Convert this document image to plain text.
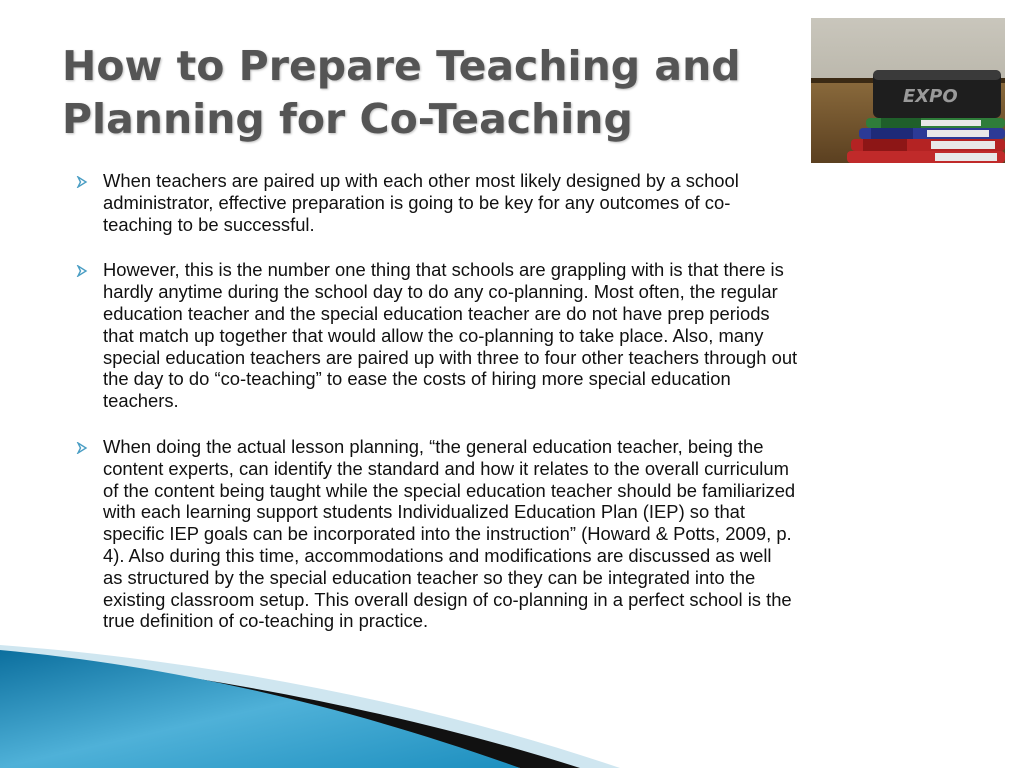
How to Prepare Teaching and
Planning for Co-Teaching	EXPO
When teachers are paired up with each other most likely designed by a school
administrator, effective preparation is going to be key for any outcomes of co-
teaching to be successful.
However, this is the number one thing that schools are grappling with is that there is
hardly anytime during the school day to do any co-planning. Most often, the regular
education teacher and the special education teacher are do not have prep periods
that match up together that would allow the co-planning to take place. Also, many
special education teachers are paired up with three to four other teachers through out
the day to do “co-teaching” to ease the costs of hiring more special education
teachers.
When doing the actual lesson planning, “the general education teacher, being the
content experts, can identify the standard and how it relates to the overall curriculum
of the content being taught while the special education teacher should be familiarized
with each learning support students Individualized Education Plan (IEP) so that
specific IEP goals can be incorporated into the instruction” (Howard & Potts, 2009, p.
4). Also during this time, accommodations and modifications are discussed as well
as structured by the special education teacher so they can be integrated into the
existing classroom setup. This overall design of co-planning in a perfect school is the
true definition of co-teaching in practice.
